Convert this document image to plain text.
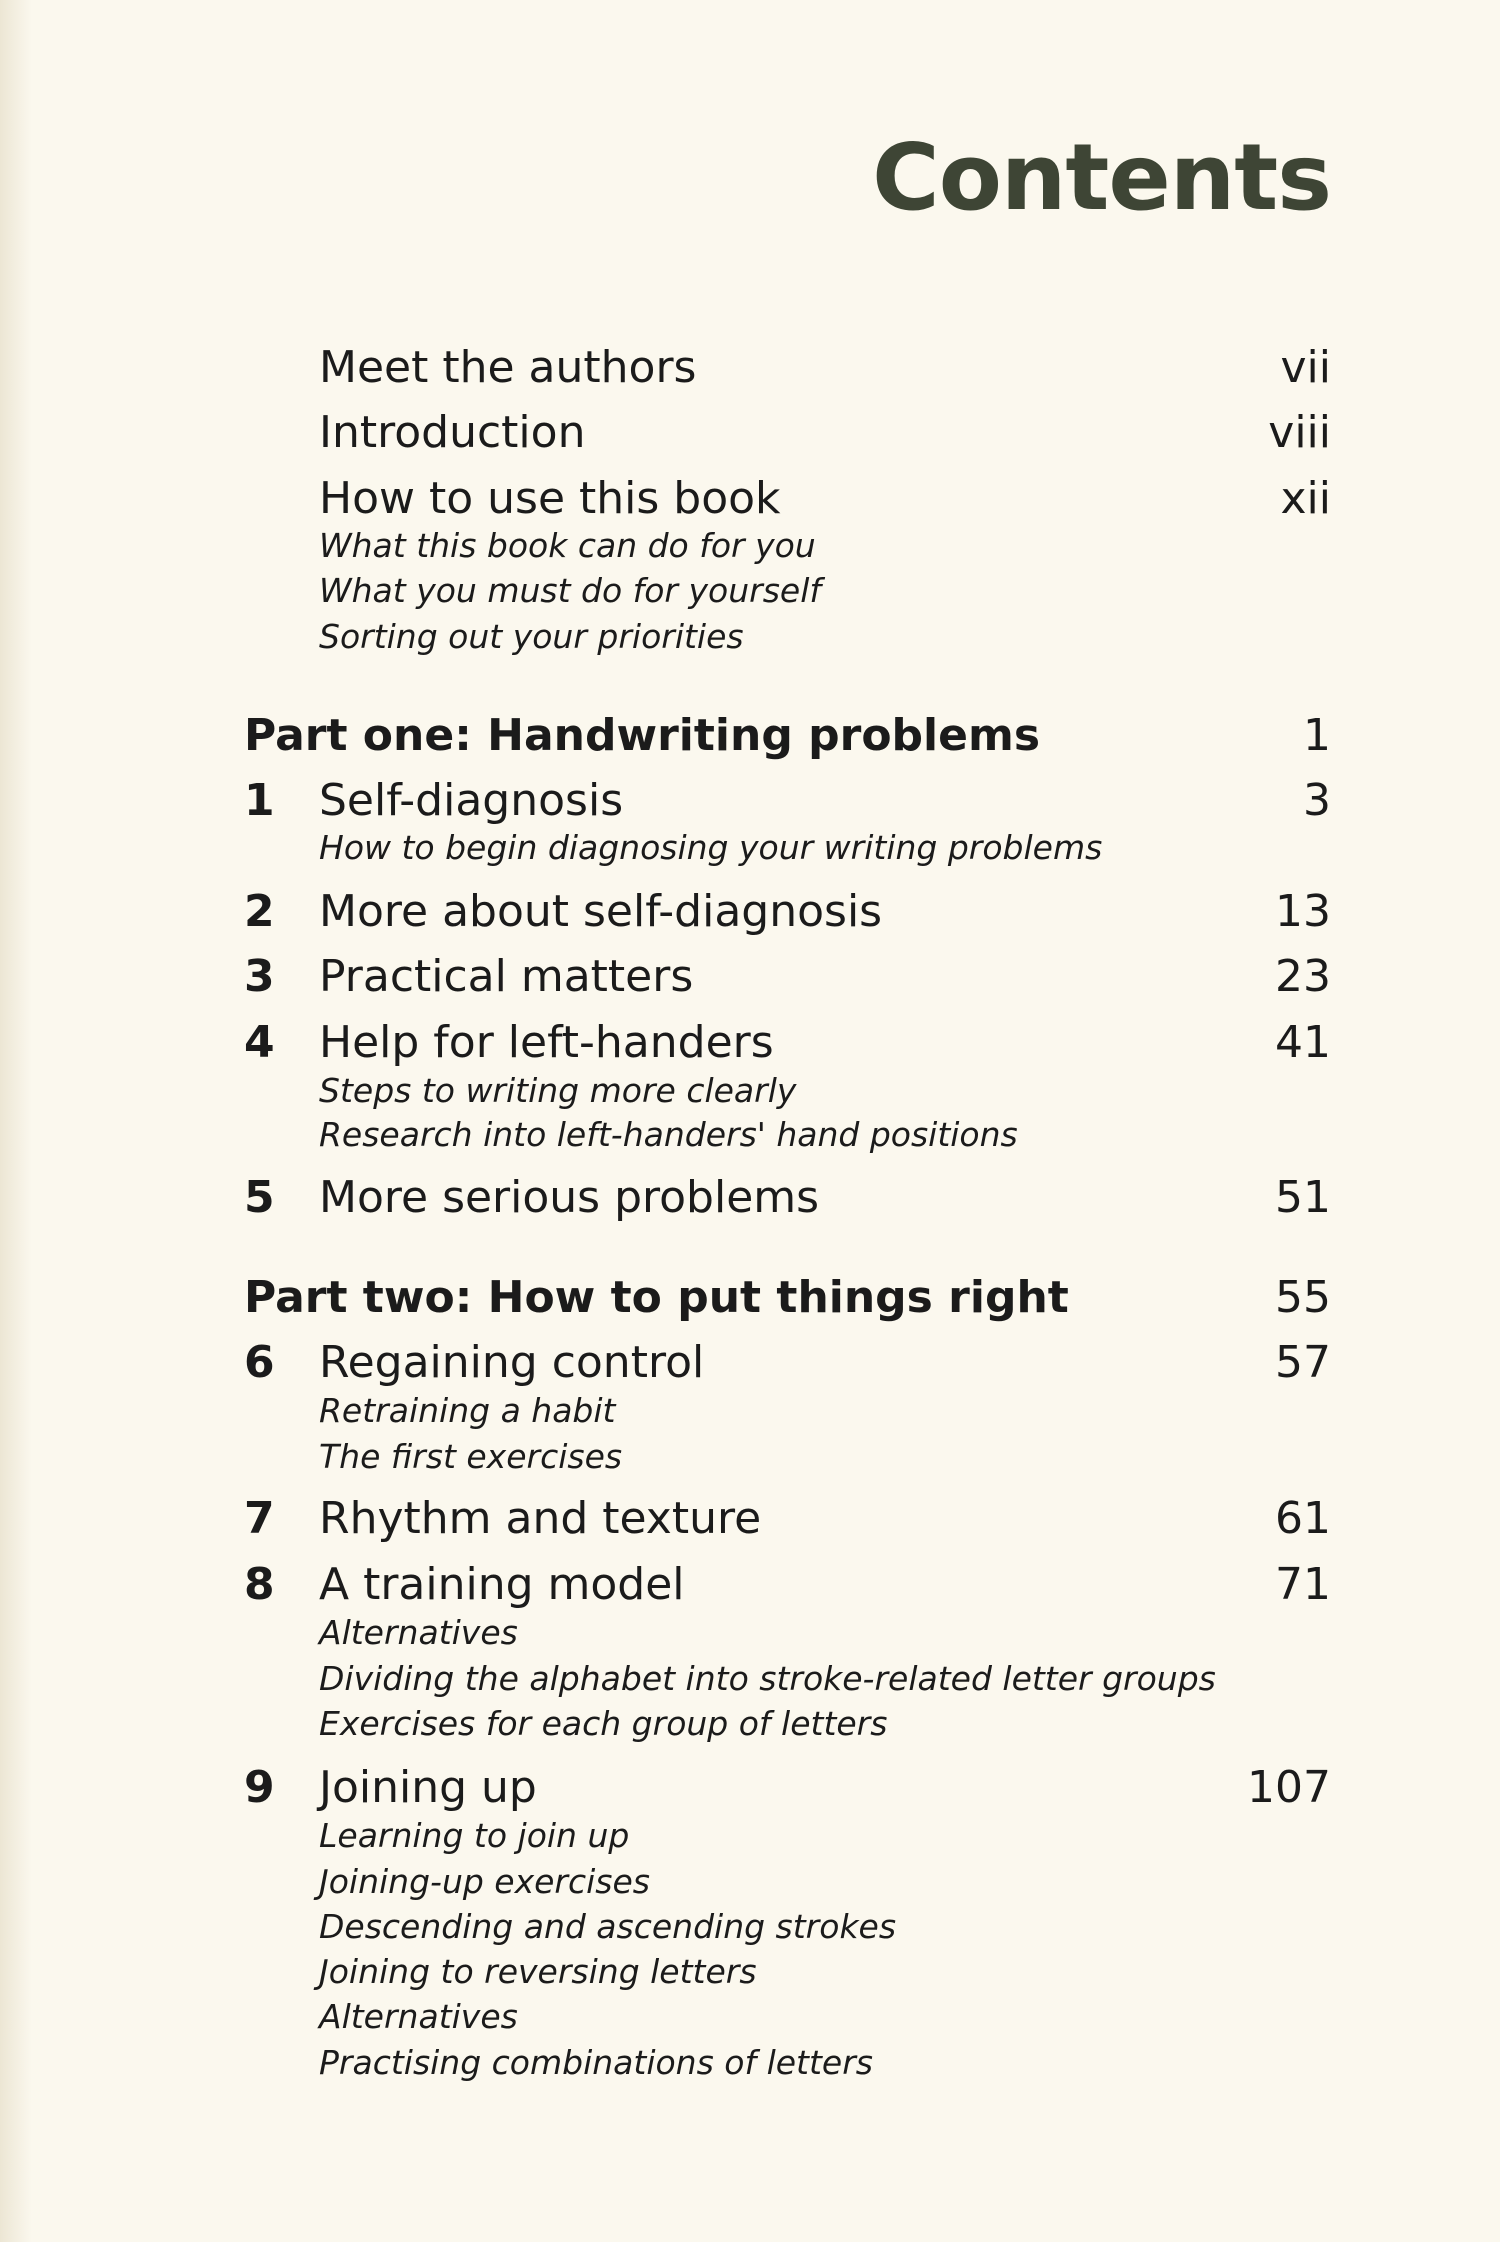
Contents
Meet the authors	vii
Introduction	viii
How to use this book	xii
What this book can do for you
What you must do for yourself
Sorting out your priorities
Part one: Handwriting problems	1
1 Self-diagnosis	3
How to begin diagnosing your writing problems
2 More about self-diagnosis	13
3 Practical matters	23
4 Help for left-handers	41
Steps to writing more clearly
Research into left-handers' hand positions
5 More serious problems	51
Part two: How to put things right	55
6 Regaining control	57
Retraining a habit
The first exercises
7 Rhythm and texture	61
8 A training model	71
Alternatives
Dividing the alphabet into stroke-related letter groups
Exercises for each group of letters
9 Joining up	107
Learning to join up
Joining-up exercises
Descending and ascending strokes
Joining to reversing letters
Alternatives
Practising combinations of letters
